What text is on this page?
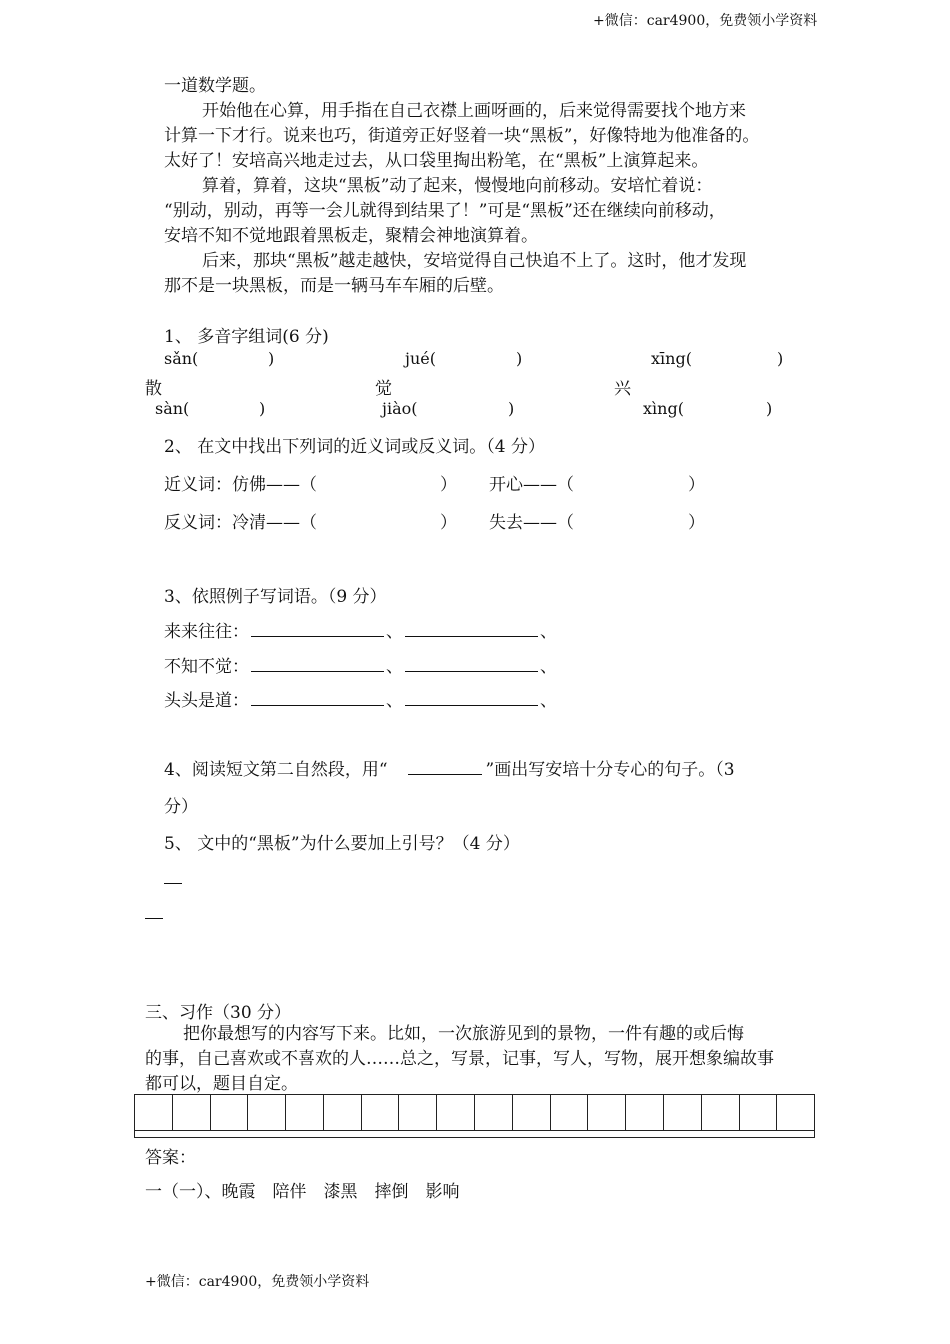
+微信：car4900，免费领小学资料

一道数学题。

开始他在心算，用手指在自己衣襟上画呀画的，后来觉得需要找个地方来

计算一下才行。说来也巧，街道旁正好竖着一块“黑板”，好像特地为他准备的。

太好了！安培高兴地走过去，从口袋里掏出粉笔，在“黑板”上演算起来。

算着，算着，这块“黑板”动了起来，慢慢地向前移动。安培忙着说：

“别动，别动，再等一会儿就得到结果了！”可是“黑板”还在继续向前移动，

安培不知不觉地跟着黑板走，聚精会神地演算着。

后来，那块“黑板”越走越快，安培觉得自己快追不上了。这时，他才发现

那不是一块黑板，而是一辆马车车厢的后壁。

1、 多音字组词(6 分)
sǎn(	)	jué(	)	xīng(	)
散	觉	兴
sàn(	)	jiào(	)	xìng(	)
2、 在文中找出下列词的近义词或反义词。（4 分）
近义词：仿佛——（	） 开心——（	）
反义词：冷清——（	） 失去——（	）
3、依照例子写词语。（9 分）
来来往往：	、	、
不知不觉：	、	、
头头是道：	、	、
4、阅读短文第二自然段，用“	”画出写安培十分专心的句子。（3
分）
5、 文中的“黑板”为什么要加上引号？（4 分）
三、习作（30 分）

把你最想写的内容写下来。比如，一次旅游见到的景物，一件有趣的或后悔

的事，自己喜欢或不喜欢的人……总之，写景，记事，写人，写物，展开想象编故事

都可以，题目自定。

答案：
一（一）、晚霞　陪伴　漆黑　摔倒　影响
+微信：car4900，免费领小学资料
